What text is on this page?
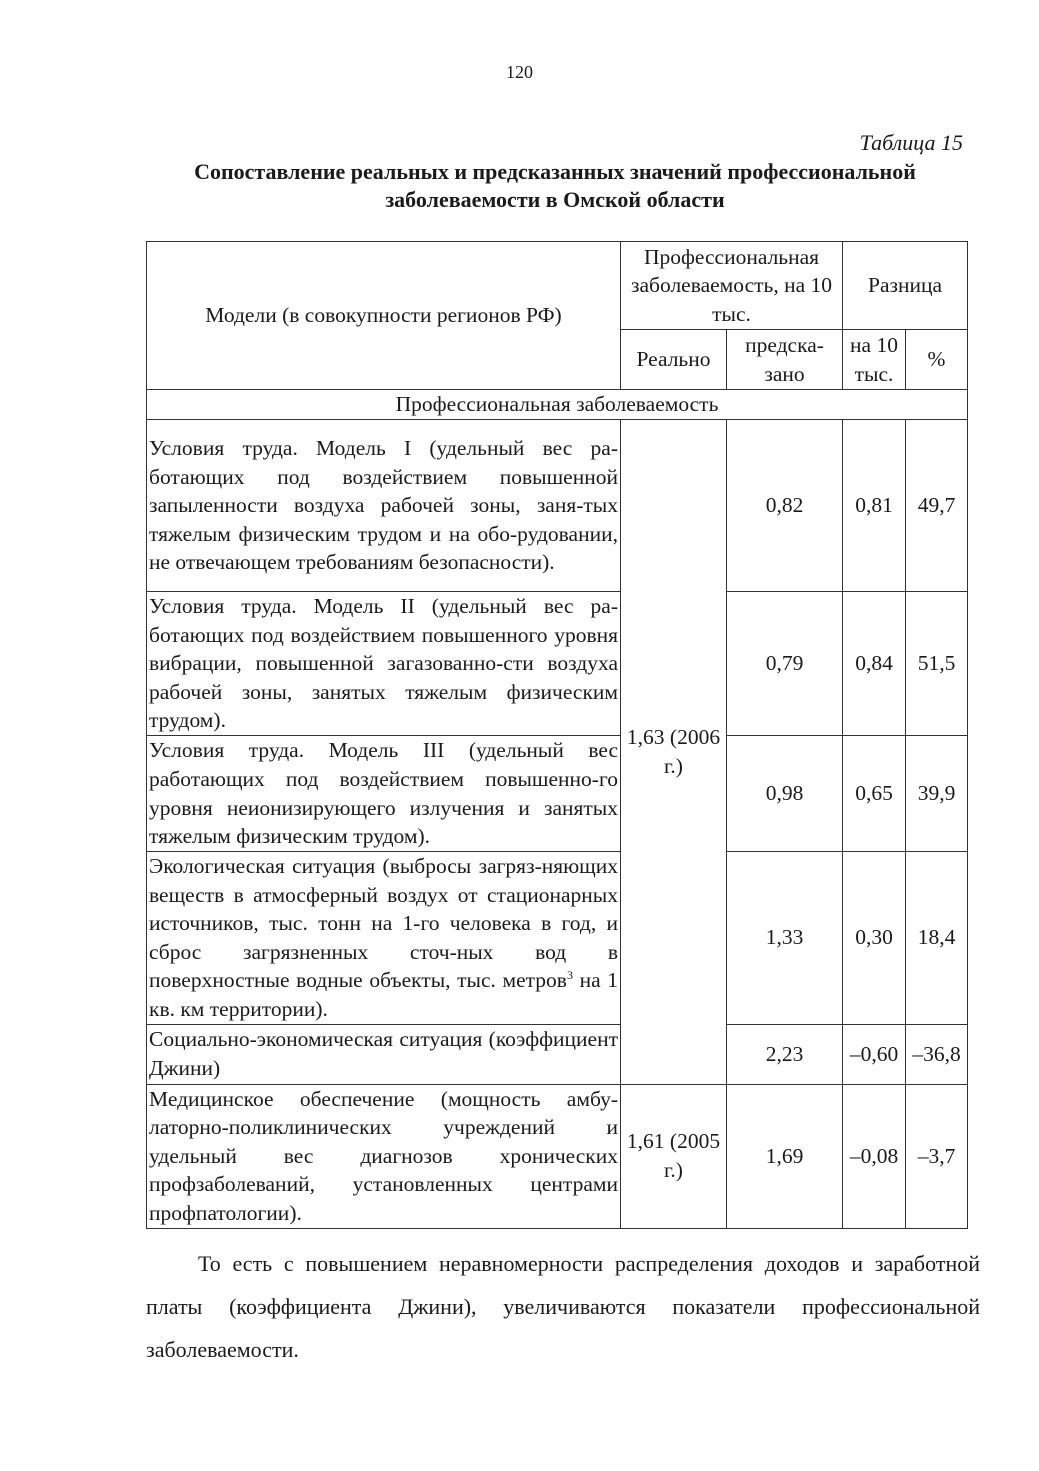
120
Таблица 15
Сопоставление реальных и предсказанных значений профессиональной заболеваемости в Омской области
Модели (в совокупности регионов РФ)	Профессиональная заболеваемость, на 10 тыс.		Разница	
	Реально	предска-зано	на 10 тыс.	%
Профессиональная заболеваемость				
Условия труда. Модель I (удельный вес ра-ботающих под воздействием повышенной запыленности воздуха рабочей зоны, заня-тых тяжелым физическим трудом и на обо-рудовании, не отвечающем требованиям безопасности).	1,63 (2006 г.)	0,82	0,81	49,7
Условия труда. Модель II (удельный вес ра-ботающих под воздействием повышенного уровня вибрации, повышенной загазованно-сти воздуха рабочей зоны, занятых тяжелым физическим трудом).		0,79	0,84	51,5
Условия труда. Модель III (удельный вес работающих под воздействием повышенно-го уровня неионизирующего излучения и занятых тяжелым физическим трудом).		0,98	0,65	39,9
Экологическая ситуация (выбросы загряз-няющих веществ в атмосферный воздух от стационарных источников, тыс. тонн на 1-го человека в год, и сброс загрязненных сточ-ных вод в поверхностные водные объекты, тыс. метров$^3$ на 1 кв. км территории).		1,33	0,30	18,4
Социально-экономическая ситуация (коэффициент Джини)		2,23	–0,60	–36,8
Медицинское обеспечение (мощность амбу-латорно-поликлинических учреждений и удельный вес диагнозов хронических профзаболеваний, установленных центрами профпатологии).	1,61 (2005 г.)	1,69	–0,08	–3,7
То есть с повышением неравномерности распределения доходов и заработной платы (коэффициента Джини), увеличиваются показатели профессиональной заболеваемости.
